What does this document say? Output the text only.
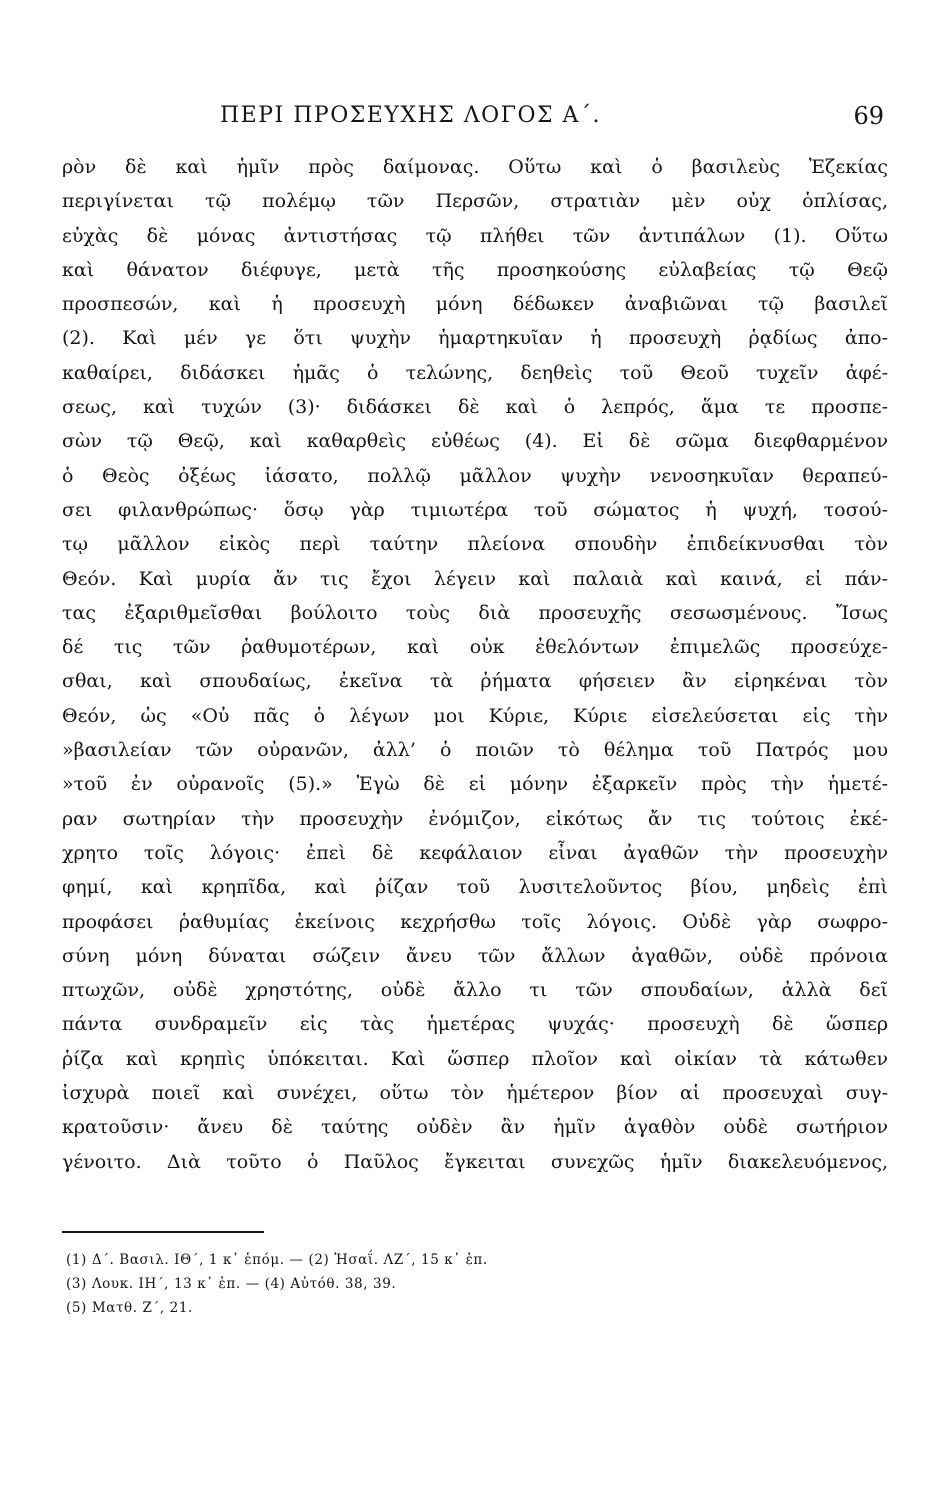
ΠΕΡΙ ΠΡΟΣΕΥΧΗΣ ΛΟΓΟΣ Α΄.	69
ρὸν δὲ καὶ ἡμῖν πρὸς δαίμονας. Οὕτω καὶ ὁ βασιλεὺς Ἐζεκίας
περιγίνεται τῷ πολέμῳ τῶν Περσῶν, στρατιὰν μὲν οὐχ ὁπλίσας,
εὐχὰς δὲ μόνας ἀντιστήσας τῷ πλήθει τῶν ἀντιπάλων (1). Οὕτω
καὶ θάνατον διέφυγε, μετὰ τῆς προσηκούσης εὐλαβείας τῷ Θεῷ
προσπεσών, καὶ ἡ προσευχὴ μόνη δέδωκεν ἀναβιῶναι τῷ βασιλεῖ
(2). Καὶ μέν γε ὅτι ψυχὴν ἡμαρτηκυῖαν ἡ προσευχὴ ῥᾳδίως ἀπο-
καθαίρει, διδάσκει ἡμᾶς ὁ τελώνης, δεηθεὶς τοῦ Θεοῦ τυχεῖν ἀφέ-
σεως, καὶ τυχών (3)· διδάσκει δὲ καὶ ὁ λεπρός, ἅμα τε προσπε-
σὼν τῷ Θεῷ, καὶ καθαρθεὶς εὐθέως (4). Εἰ δὲ σῶμα διεφθαρμένον
ὁ Θεὸς ὀξέως ἰάσατο, πολλῷ μᾶλλον ψυχὴν νενοσηκυῖαν θεραπεύ-
σει φιλανθρώπως· ὅσῳ γὰρ τιμιωτέρα τοῦ σώματος ἡ ψυχή, τοσού-
τῳ μᾶλλον εἰκὸς περὶ ταύτην πλείονα σπουδὴν ἐπιδείκνυσθαι τὸν
Θεόν. Καὶ μυρία ἄν τις ἔχοι λέγειν καὶ παλαιὰ καὶ καινά, εἰ πάν-
τας ἐξαριθμεῖσθαι βούλοιτο τοὺς διὰ προσευχῆς σεσωσμένους. Ἴσως
δέ τις τῶν ῥαθυμοτέρων, καὶ οὐκ ἐθελόντων ἐπιμελῶς προσεύχε-
σθαι, καὶ σπουδαίως, ἐκεῖνα τὰ ῥήματα φήσειεν ἂν εἰρηκέναι τὸν
Θεόν, ὡς «Οὐ πᾶς ὁ λέγων μοι Κύριε, Κύριε εἰσελεύσεται εἰς τὴν
»βασιλείαν τῶν οὐρανῶν, ἀλλ’ ὁ ποιῶν τὸ θέλημα τοῦ Πατρός μου
»τοῦ ἐν οὐρανοῖς (5).» Ἐγὼ δὲ εἰ μόνην ἐξαρκεῖν πρὸς τὴν ἡμετέ-
ραν σωτηρίαν τὴν προσευχὴν ἐνόμιζον, εἰκότως ἄν τις τούτοις ἐκέ-
χρητο τοῖς λόγοις· ἐπεὶ δὲ κεφάλαιον εἶναι ἀγαθῶν τὴν προσευχὴν
φημί, καὶ κρηπῖδα, καὶ ῥίζαν τοῦ λυσιτελοῦντος βίου, μηδεὶς ἐπὶ
προφάσει ῥαθυμίας ἐκείνοις κεχρήσθω τοῖς λόγοις. Οὐδὲ γὰρ σωφρο-
σύνη μόνη δύναται σώζειν ἄνευ τῶν ἄλλων ἀγαθῶν, οὐδὲ πρόνοια
πτωχῶν, οὐδὲ χρηστότης, οὐδὲ ἄλλο τι τῶν σπουδαίων, ἀλλὰ δεῖ
πάντα συνδραμεῖν εἰς τὰς ἡμετέρας ψυχάς· προσευχὴ δὲ ὥσπερ
ῥίζα καὶ κρηπὶς ὑπόκειται. Καὶ ὥσπερ πλοῖον καὶ οἰκίαν τὰ κάτωθεν
ἰσχυρὰ ποιεῖ καὶ συνέχει, οὕτω τὸν ἡμέτερον βίον αἱ προσευχαὶ συγ-
κρατοῦσιν· ἄνευ δὲ ταύτης οὐδὲν ἂν ἡμῖν ἀγαθὸν οὐδὲ σωτήριον
γένοιτο. Διὰ τοῦτο ὁ Παῦλος ἔγκειται συνεχῶς ἡμῖν διακελευόμενος,
(1) Δ΄. Βασιλ. ΙΘ΄, 1 κ᾽ ἑπόμ. — (2) Ἠσαΐ. ΛΖ΄, 15 κ᾽ ἑπ.
(3) Λουκ. ΙΗ΄, 13 κ᾽ ἑπ. — (4) Αὐτόθ. 38, 39.
(5) Ματθ. Ζ΄, 21.
